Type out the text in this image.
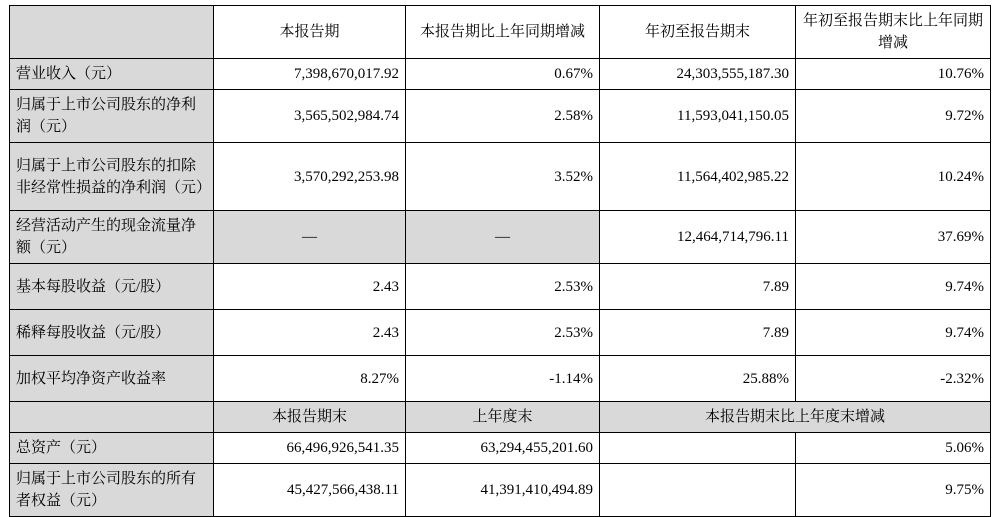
	本报告期	本报告期比上年同期增减	年初至报告期末	年初至报告期末比上年同期增减
营业收入（元）	7,398,670,017.92	0.67%	24,303,555,187.30	10.76%
归属于上市公司股东的净利润（元）	3,565,502,984.74	2.58%	11,593,041,150.05	9.72%
归属于上市公司股东的扣除非经常性损益的净利润（元）	3,570,292,253.98	3.52%	11,564,402,985.22	10.24%
经营活动产生的现金流量净额（元）	—	—	12,464,714,796.11	37.69%
基本每股收益（元/股）	2.43	2.53%	7.89	9.74%
稀释每股收益（元/股）	2.43	2.53%	7.89	9.74%
加权平均净资产收益率	8.27%	-1.14%	25.88%	-2.32%
	本报告期末	上年度末	本报告期末比上年度末增减	
总资产（元）	66,496,926,541.35	63,294,455,201.60		5.06%
归属于上市公司股东的所有者权益（元）	45,427,566,438.11	41,391,410,494.89		9.75%
